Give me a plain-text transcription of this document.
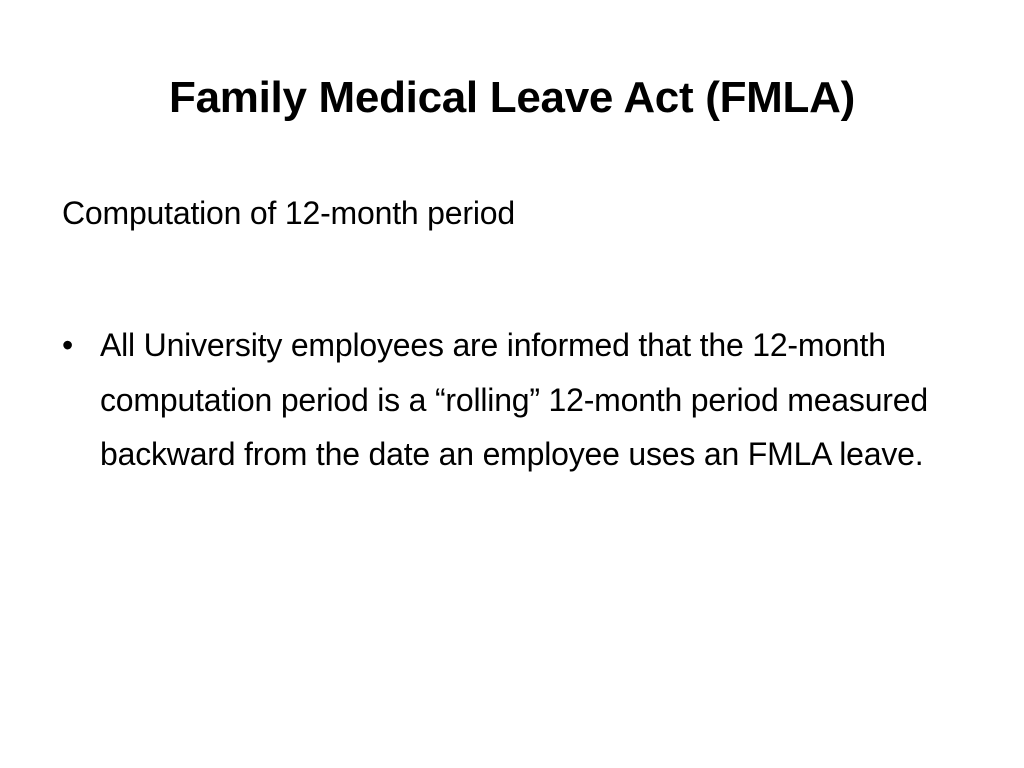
Family Medical Leave Act (FMLA)

Computation of 12-month period

• All University employees are informed that the 12-month computation period is a “rolling” 12-month period measured backward from the date an employee uses an FMLA leave.
